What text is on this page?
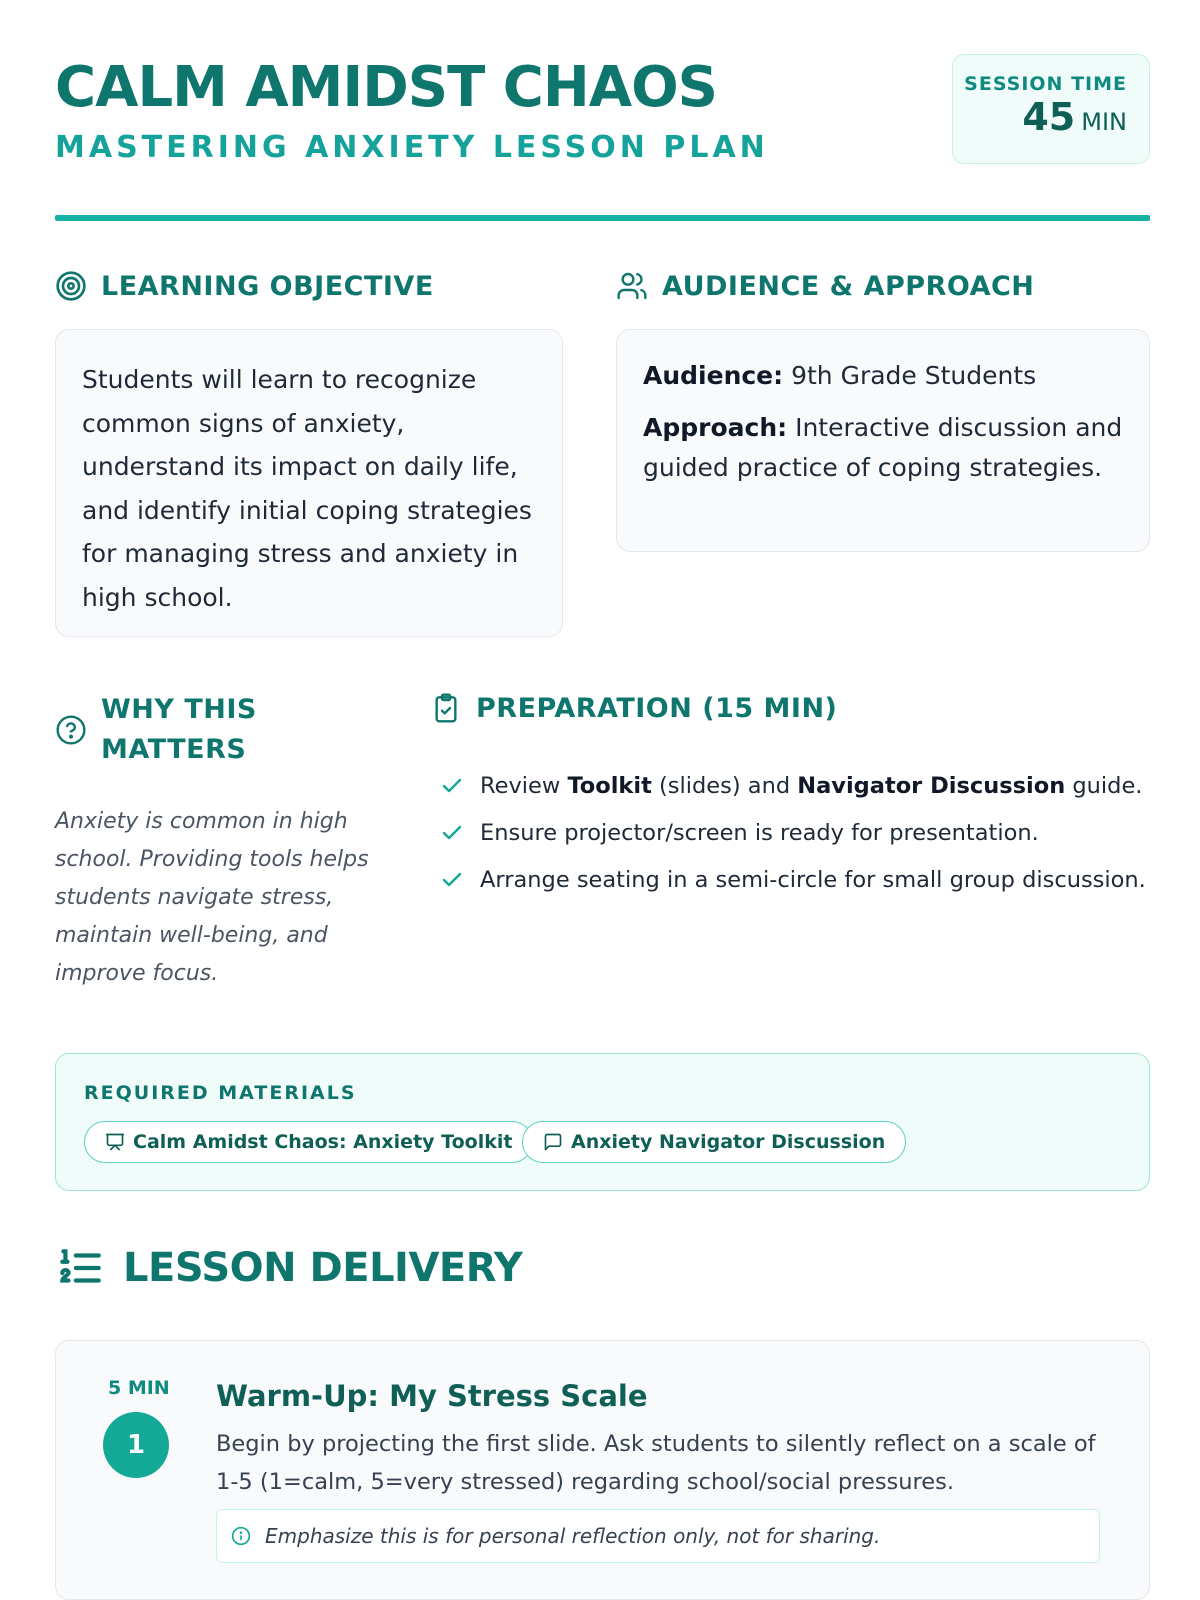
CALM AMIDST CHAOS
MASTERING ANXIETY LESSON PLAN
SESSION TIME
45 MIN
LEARNING OBJECTIVE
Students will learn to recognize common signs of anxiety, understand its impact on daily life, and identify initial coping strategies for managing stress and anxiety in high school.
AUDIENCE & APPROACH
Audience: 9th Grade Students
Approach: Interactive discussion and guided practice of coping strategies.
WHY THIS
MATTERS
Anxiety is common in high school. Providing tools helps students navigate stress, maintain well-being, and improve focus.
PREPARATION (15 MIN)
Review Toolkit (slides) and Navigator Discussion guide.
Ensure projector/screen is ready for presentation.
Arrange seating in a semi-circle for small group discussion.
REQUIRED MATERIALS
Calm Amidst Chaos: Anxiety Toolkit	Anxiety Navigator Discussion
LESSON DELIVERY
5 MIN
1
Warm-Up: My Stress Scale
Begin by projecting the first slide. Ask students to silently reflect on a scale of 1-5 (1=calm, 5=very stressed) regarding school/social pressures.
Emphasize this is for personal reflection only, not for sharing.
